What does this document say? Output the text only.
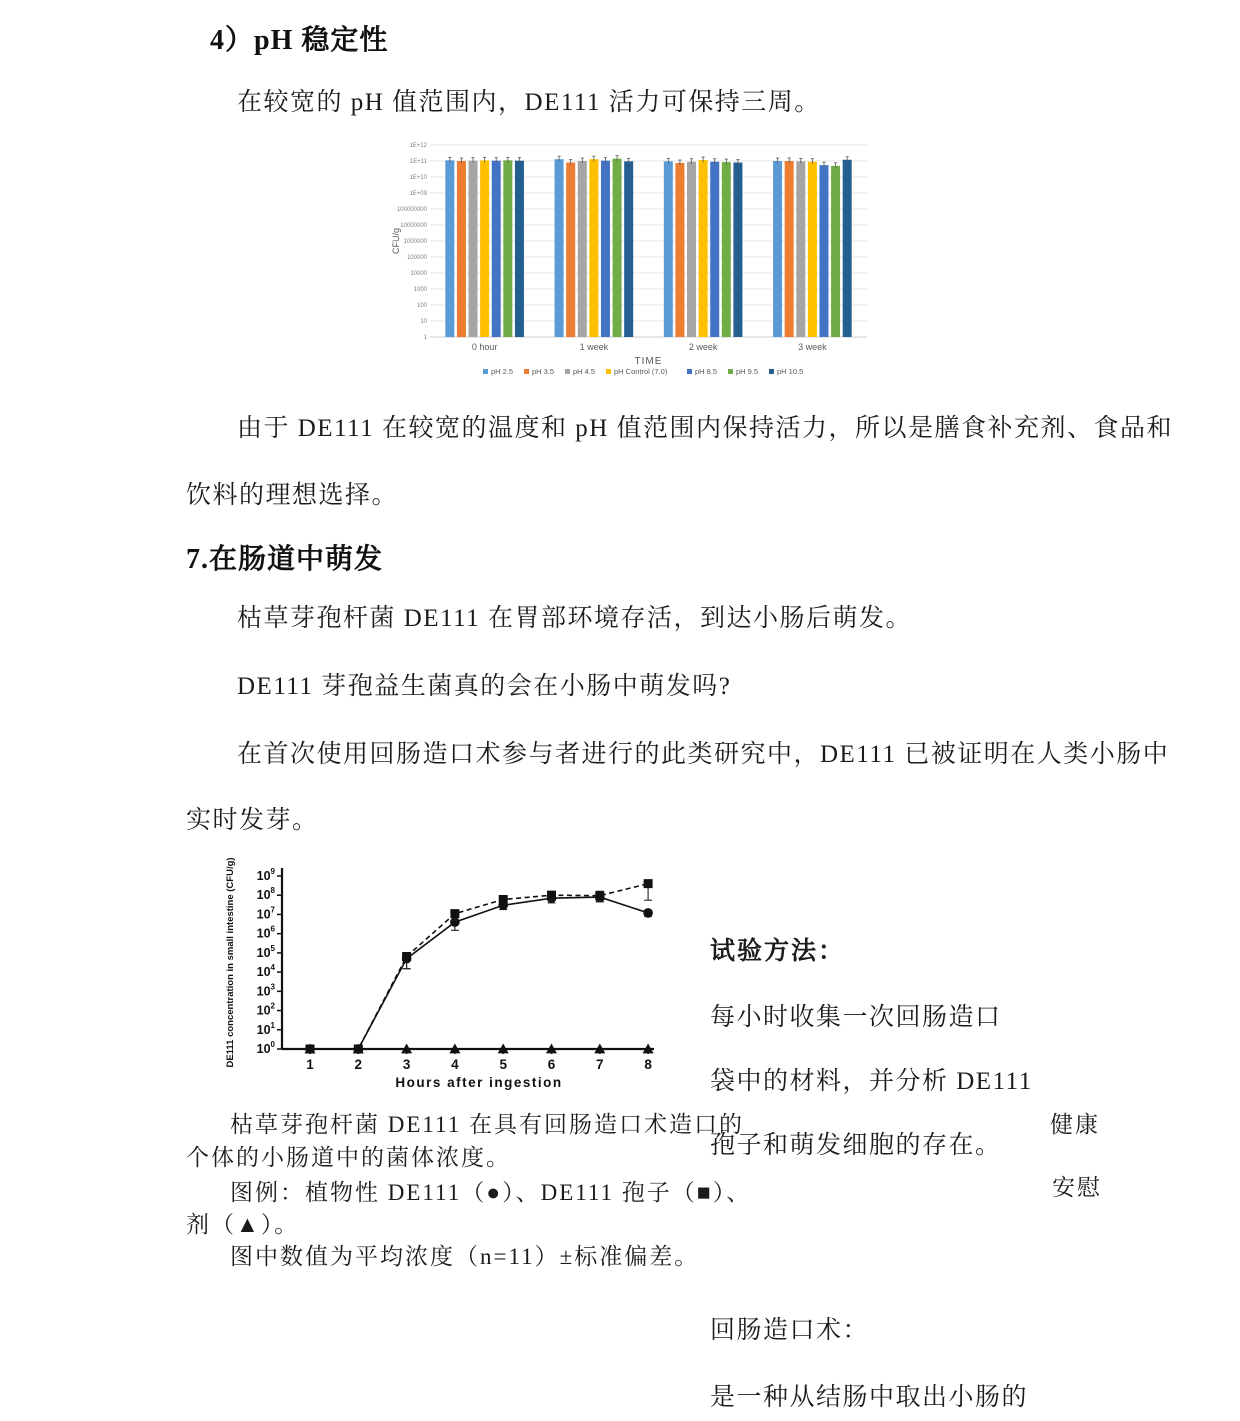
4）pH 稳定性
在较宽的 pH 值范围内，DE111 活力可保持三周。
1
10
100
1000
10000
100000
1000000
10000000
100000000
1E+09
1E+10
1E+11
1E+12
CFU/g
0 hour	1 week	2 week	3 week
TIME
pH 2.5	pH 3.5	pH 4.5	pH Control (7.0)	pH 8.5	pH 9.5	pH 10.5
由于 DE111 在较宽的温度和 pH 值范围内保持活力，所以是膳食补充剂、食品和
饮料的理想选择。
7.在肠道中萌发
枯草芽孢杆菌 DE111 在胃部环境存活，到达小肠后萌发。
DE111 芽孢益生菌真的会在小肠中萌发吗?
在首次使用回肠造口术参与者进行的此类研究中，DE111 已被证明在人类小肠中
实时发芽。
$10^0$
$10^1$
$10^2$
$10^3$
$10^4$
$10^5$
$10^6$
$10^7$
$10^8$
$10^9$
1	2	3	4	5	6	7	8
Hours after ingestion
DE111 concentration in small intestine (CFU/g)
枯草芽孢杆菌 DE111 在具有回肠造口术造口的
个体的小肠道中的菌体浓度。
图例：植物性 DE111（●）、DE111 孢子（■）、
剂（▲）。
图中数值为平均浓度（n=11）±标准偏差。
试验方法：
每小时收集一次回肠造口
袋中的材料，并分析 DE111
孢子和萌发细胞的存在。
健康
安慰
回肠造口术：
是一种从结肠中取出小肠的
